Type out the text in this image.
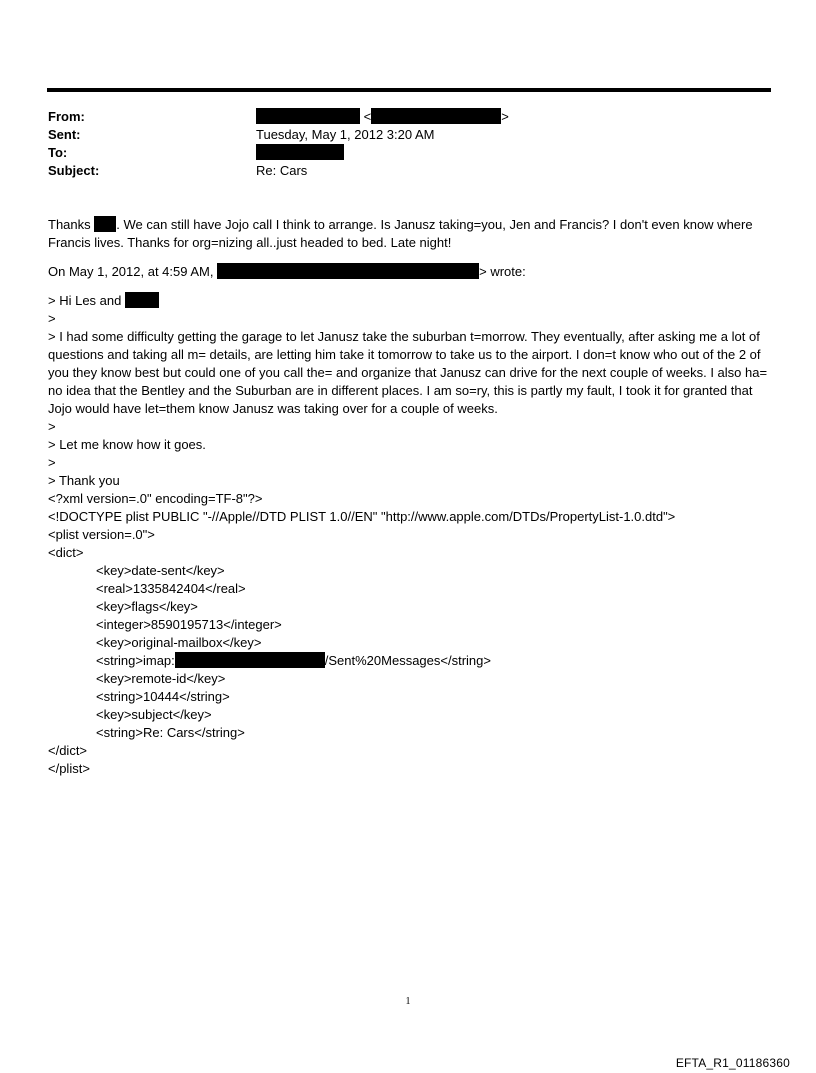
From:	<	>
Sent:	Tuesday, May 1, 2012 3:20 AM
To:
Subject:	Re: Cars

Thanks . We can still have Jojo call I think to arrange. Is Janusz taking=you, Jen and Francis? I don't even know where Francis lives. Thanks for org=nizing all..just headed to bed. Late night!

On May 1, 2012, at 4:59 AM,	> wrote:

> Hi Les and

>

> I had some difficulty getting the garage to let Janusz take the suburban t=morrow. They eventually, after asking me a lot of questions and taking all m= details, are letting him take it tomorrow to take us to the airport. I don=t know who out of the 2 of you they know best but could one of you call the= and organize that Janusz can drive for the next couple of weeks. I also ha= no idea that the Bentley and the Suburban are in different places. I am so=ry, this is partly my fault, I took it for granted that Jojo would have let=them know Janusz was taking over for a couple of weeks.

>

> Let me know how it goes.

>

> Thank you

<?xml version=.0" encoding=TF-8"?>

<!DOCTYPE plist PUBLIC "-//Apple//DTD PLIST 1.0//EN" "http://www.apple.com/DTDs/PropertyList-1.0.dtd">

<plist version=.0">

<dict>

<key>date-sent</key>

<real>1335842404</real>

<key>flags</key>

<integer>8590195713</integer>

<key>original-mailbox</key>

<string>imap:	/Sent%20Messages</string>

<key>remote-id</key>

<string>10444</string>

<key>subject</key>

<string>Re: Cars</string>

</dict>

</plist>

1
EFTA_R1_01186360
